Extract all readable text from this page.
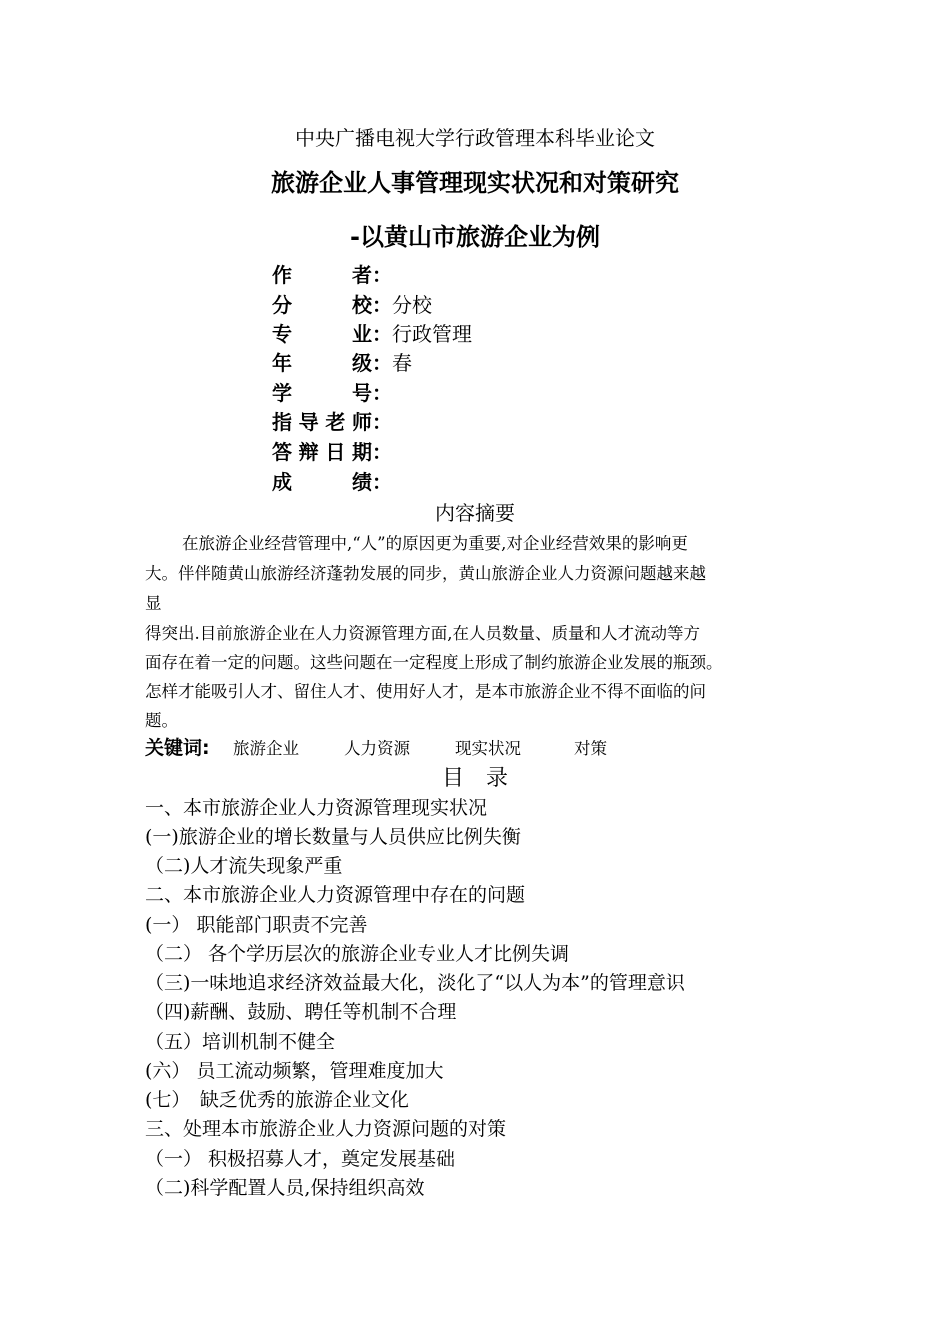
中央广播电视大学行政管理本科毕业论文
旅游企业人事管理现实状况和对策研究
-以黄山市旅游企业为例
作　者：
分　校：分校
专　业：行政管理
年　级：春
学　号：
指导老师：
答辩日期：
成　绩：
内容摘要
在旅游企业经营管理中,“人”的原因更为重要,对企业经营效果的影响更
大。伴伴随黄山旅游经济蓬勃发展的同步，黄山旅游企业人力资源问题越来越
显
得突出.目前旅游企业在人力资源管理方面,在人员数量、质量和人才流动等方
面存在着一定的问题。这些问题在一定程度上形成了制约旅游企业发展的瓶颈。
怎样才能吸引人才、留住人才、使用好人才，是本市旅游企业不得不面临的问
题。
关键词: 旅游企业	人力资源	现实状况	对策
目录
一、本市旅游企业人力资源管理现实状况
(一)旅游企业的增长数量与人员供应比例失衡
（二)人才流失现象严重
二、本市旅游企业人力资源管理中存在的问题
(一） 职能部门职责不完善
（二） 各个学历层次的旅游企业专业人才比例失调
（三)一味地追求经济效益最大化，淡化了“以人为本”的管理意识
（四)薪酬、鼓励、聘任等机制不合理
（五）培训机制不健全
(六） 员工流动频繁，管理难度加大
(七）　缺乏优秀的旅游企业文化
三、处理本市旅游企业人力资源问题的对策
（一） 积极招募人才，奠定发展基础
（二)科学配置人员,保持组织高效
